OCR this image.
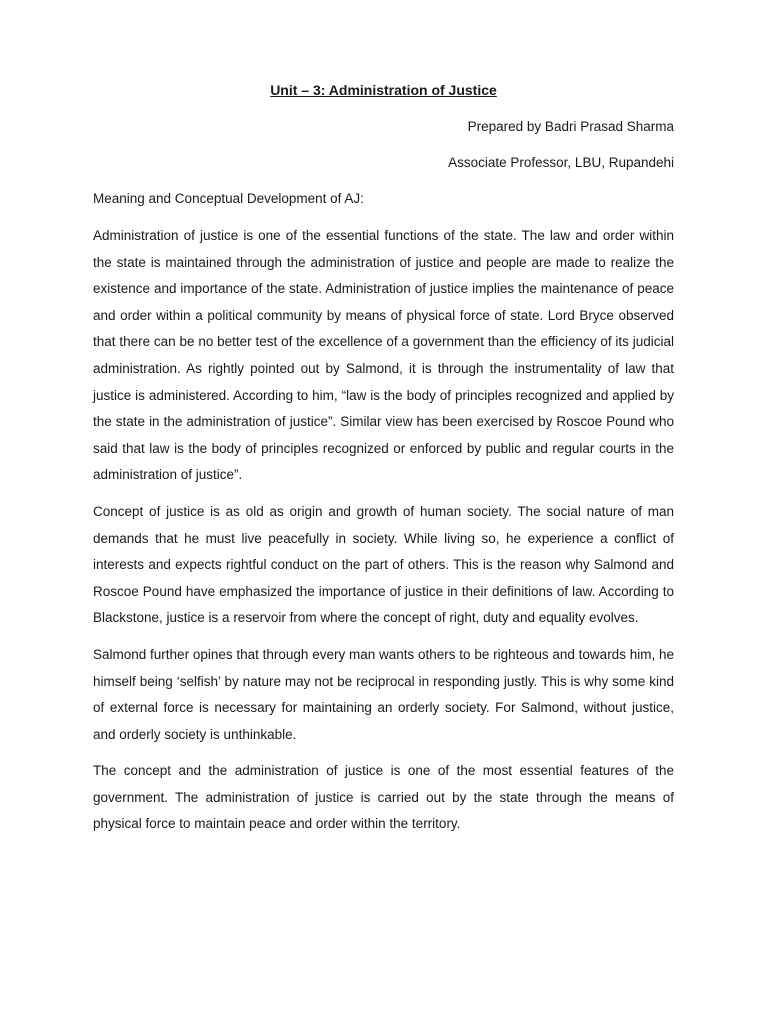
Unit – 3: Administration of Justice
Prepared by Badri Prasad Sharma
Associate Professor, LBU, Rupandehi
Meaning and Conceptual Development of AJ:

Administration of justice is one of the essential functions of the state. The law and order within the state is maintained through the administration of justice and people are made to realize the existence and importance of the state. Administration of justice implies the maintenance of peace and order within a political community by means of physical force of state. Lord Bryce observed that there can be no better test of the excellence of a government than the efficiency of its judicial administration. As rightly pointed out by Salmond, it is through the instrumentality of law that justice is administered. According to him, “law is the body of principles recognized and applied by the state in the administration of justice”. Similar view has been exercised by Roscoe Pound who said that law is the body of principles recognized or enforced by public and regular courts in the administration of justice”.

Concept of justice is as old as origin and growth of human society. The social nature of man demands that he must live peacefully in society. While living so, he experience a conflict of interests and expects rightful conduct on the part of others. This is the reason why Salmond and Roscoe Pound have emphasized the importance of justice in their definitions of law. According to Blackstone, justice is a reservoir from where the concept of right, duty and equality evolves.

Salmond further opines that through every man wants others to be righteous and towards him, he himself being ‘selfish’ by nature may not be reciprocal in responding justly. This is why some kind of external force is necessary for maintaining an orderly society. For Salmond, without justice, and orderly society is unthinkable.

The concept and the administration of justice is one of the most essential features of the government. The administration of justice is carried out by the state through the means of physical force to maintain peace and order within the territory.
